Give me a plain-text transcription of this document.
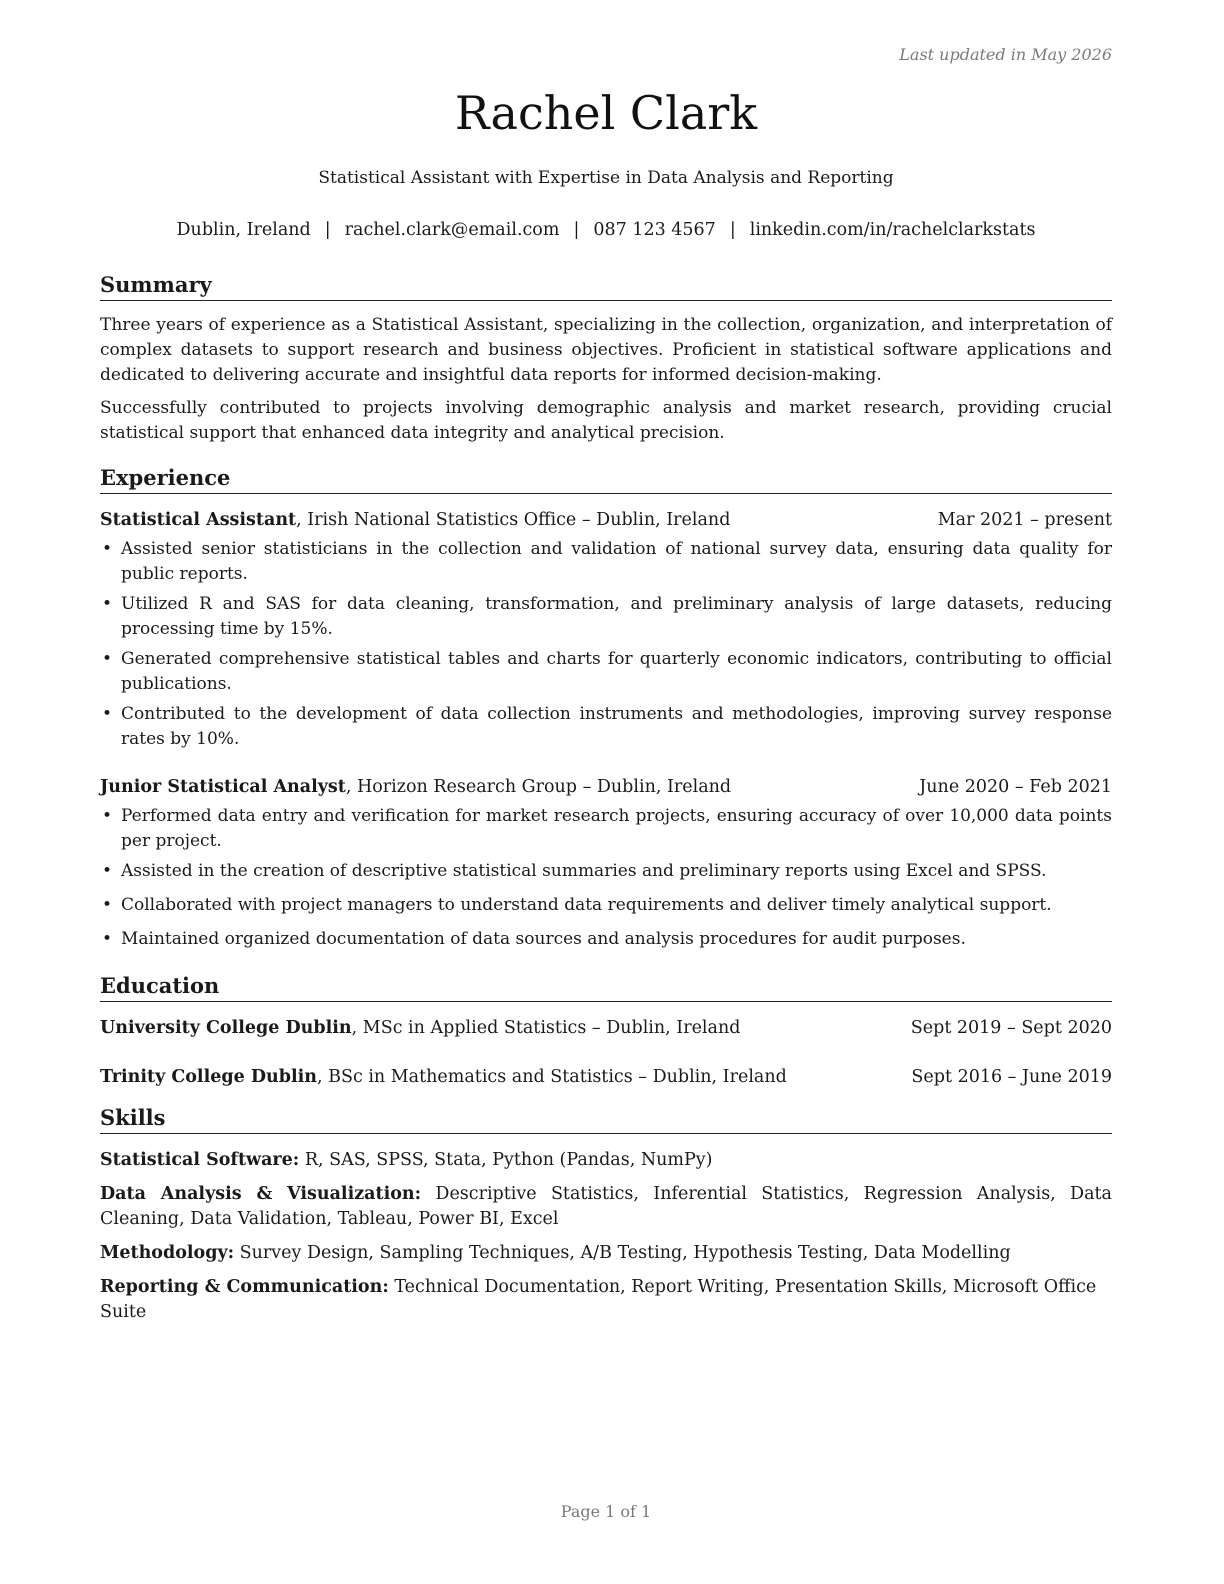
Last updated in May 2026
Rachel Clark
Statistical Assistant with Expertise in Data Analysis and Reporting
Dublin, Ireland | rachel.clark@email.com | 087 123 4567 | linkedin.com/in/rachelclarkstats
Summary

Three years of experience as a Statistical Assistant, specializing in the collection, organization, and interpretation of complex datasets to support research and business objectives. Proficient in statistical software applications and dedicated to delivering accurate and insightful data reports for informed decision-making.

Successfully contributed to projects involving demographic analysis and market research, providing crucial statistical support that enhanced data integrity and analytical precision.

Experience
Statistical Assistant, Irish National Statistics Office – Dublin, Ireland	Mar 2021 – present
• Assisted senior statisticians in the collection and validation of national survey data, ensuring data quality for public reports.
• Utilized R and SAS for data cleaning, transformation, and preliminary analysis of large datasets, reducing processing time by 15%.
• Generated comprehensive statistical tables and charts for quarterly economic indicators, contributing to official publications.
• Contributed to the development of data collection instruments and methodologies, improving survey response rates by 10%.
Junior Statistical Analyst, Horizon Research Group – Dublin, Ireland	June 2020 – Feb 2021
• Performed data entry and verification for market research projects, ensuring accuracy of over 10,000 data points per project.
• Assisted in the creation of descriptive statistical summaries and preliminary reports using Excel and SPSS.
• Collaborated with project managers to understand data requirements and deliver timely analytical support.
• Maintained organized documentation of data sources and analysis procedures for audit purposes.
Education
University College Dublin, MSc in Applied Statistics – Dublin, Ireland	Sept 2019 – Sept 2020
Trinity College Dublin, BSc in Mathematics and Statistics – Dublin, Ireland	Sept 2016 – June 2019
Skills
Statistical Software: R, SAS, SPSS, Stata, Python (Pandas, NumPy)
Data Analysis & Visualization: Descriptive Statistics, Inferential Statistics, Regression Analysis, Data Cleaning, Data Validation, Tableau, Power BI, Excel
Methodology: Survey Design, Sampling Techniques, A/B Testing, Hypothesis Testing, Data Modelling
Reporting & Communication: Technical Documentation, Report Writing, Presentation Skills, Microsoft Office Suite
Page 1 of 1
